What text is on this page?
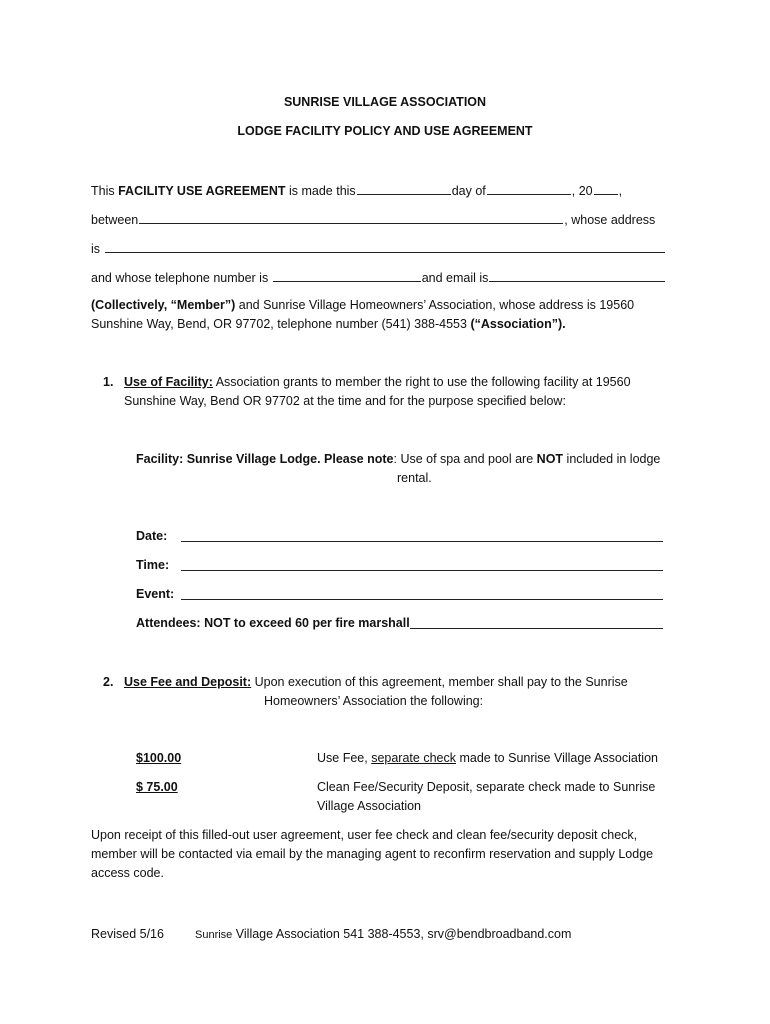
SUNRISE VILLAGE ASSOCIATION
LODGE FACILITY POLICY AND USE AGREEMENT
This FACILITY USE AGREEMENT is made this	day of	, 20 ,
between	, whose address
is
and whose telephone number is	and email is
(Collectively, “Member”) and Sunrise Village Homeowners’ Association, whose address is 19560
Sunshine Way, Bend, OR 97702, telephone number (541) 388-4553 (“Association”).
1. Use of Facility: Association grants to member the right to use the following facility at 19560
Sunshine Way, Bend OR 97702 at the time and for the purpose specified below:
Facility: Sunrise Village Lodge. Please note: Use of spa and pool are NOT included in lodge
rental.
Date:
Time:
Event:
Attendees: NOT to exceed 60 per fire marshall
2. Use Fee and Deposit: Upon execution of this agreement, member shall pay to the Sunrise
Homeowners’ Association the following:
$100.00	Use Fee, separate check made to Sunrise Village Association
$ 75.00	Clean Fee/Security Deposit, separate check made to Sunrise
Village Association
Upon receipt of this filled-out user agreement, user fee check and clean fee/security deposit check,
member will be contacted via email by the managing agent to reconfirm reservation and supply Lodge
access code.
Revised 5/16	Sunrise Village Association 541 388-4553, srv@bendbroadband.com
